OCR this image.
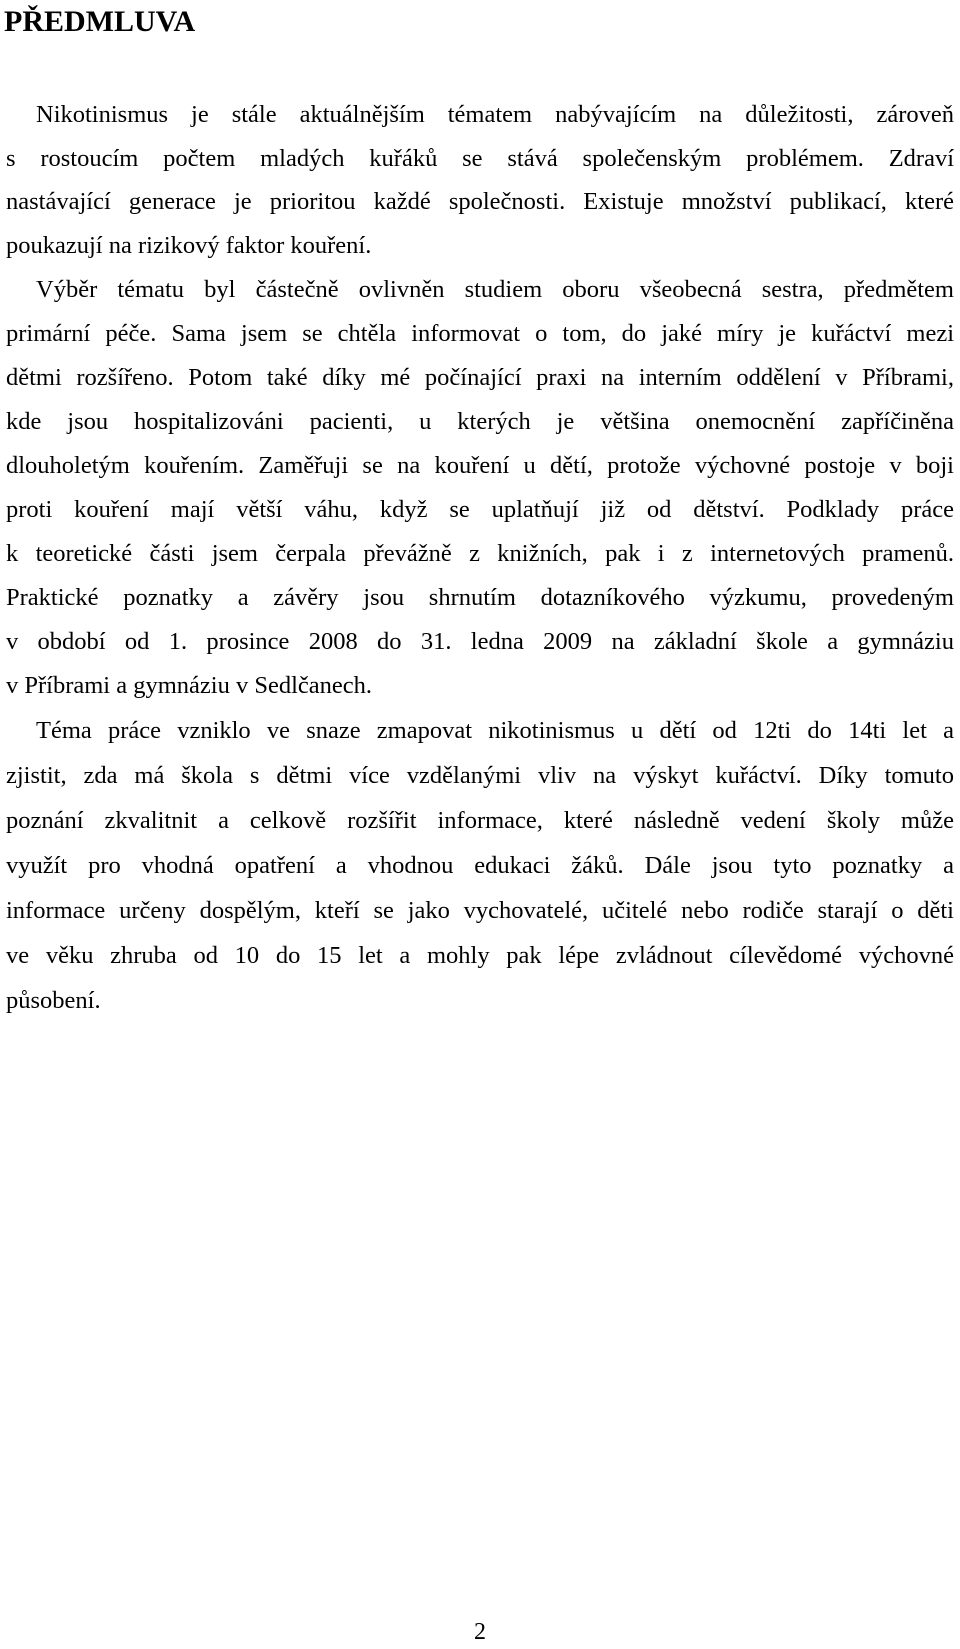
PŘEDMLUVA
Nikotinismus je stále aktuálnějším tématem nabývajícím na důležitosti, zároveň
s rostoucím počtem mladých kuřáků se stává společenským problémem. Zdraví
nastávající generace je prioritou každé společnosti. Existuje množství publikací, které
poukazují na rizikový faktor kouření.
Výběr tématu byl částečně ovlivněn studiem oboru všeobecná sestra, předmětem
primární péče. Sama jsem se chtěla informovat o tom, do jaké míry je kuřáctví mezi
dětmi rozšířeno. Potom také díky mé počínající praxi na interním oddělení v Příbrami,
kde jsou hospitalizováni pacienti, u kterých je většina onemocnění zapříčiněna
dlouholetým kouřením. Zaměřuji se na kouření u dětí, protože výchovné postoje v boji
proti kouření mají větší váhu, když se uplatňují již od dětství. Podklady práce
k teoretické části jsem čerpala převážně z knižních, pak i z internetových pramenů.
Praktické poznatky a závěry jsou shrnutím dotazníkového výzkumu, provedeným
v období od 1. prosince 2008 do 31. ledna 2009 na základní škole a gymnáziu
v Příbrami a gymnáziu v Sedlčanech.
Téma práce vzniklo ve snaze zmapovat nikotinismus u dětí od 12ti do 14ti let a
zjistit, zda má škola s dětmi více vzdělanými vliv na výskyt kuřáctví. Díky tomuto
poznání zkvalitnit a celkově rozšířit informace, které následně vedení školy může
využít pro vhodná opatření a vhodnou edukaci žáků. Dále jsou tyto poznatky a
informace určeny dospělým, kteří se jako vychovatelé, učitelé nebo rodiče starají o děti
ve věku zhruba od 10 do 15 let a mohly pak lépe zvládnout cílevědomé výchovné
působení.
2
